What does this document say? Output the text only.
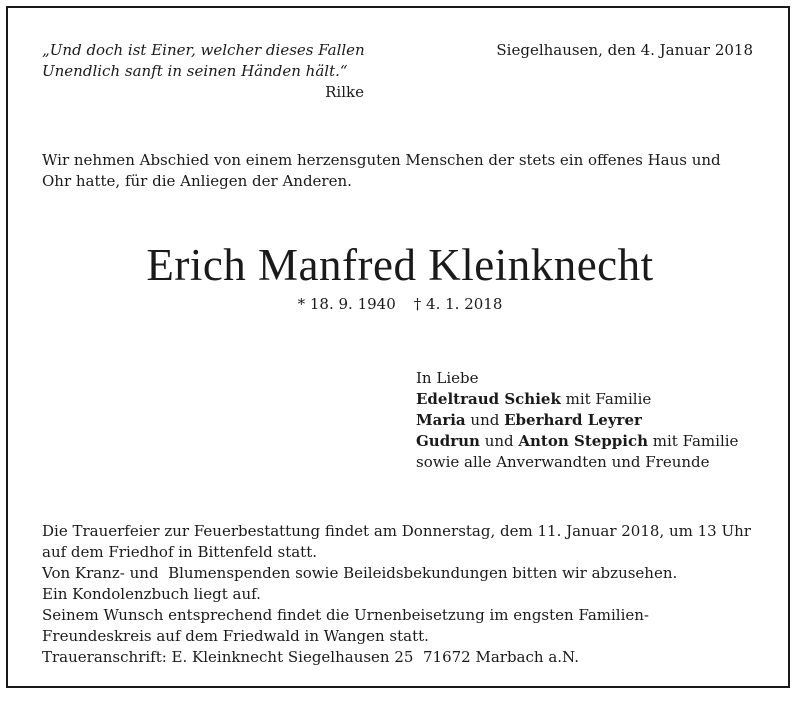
„Und doch ist Einer, welcher dieses Fallen
Unendlich sanft in seinen Händen hält.“
Rilke
Siegelhausen, den 4. Januar 2018
Wir nehmen Abschied von einem herzensguten Menschen der stets ein offenes Haus und
Ohr hatte, für die Anliegen der Anderen.
Erich Manfred Kleinknecht
* 18. 9. 1940 † 4. 1. 2018
In Liebe
Edeltraud Schiek mit Familie
Maria und Eberhard Leyrer
Gudrun und Anton Steppich mit Familie
sowie alle Anverwandten und Freunde
Die Trauerfeier zur Feuerbestattung findet am Donnerstag, dem 11. Januar 2018, um 13 Uhr
auf dem Friedhof in Bittenfeld statt.
Von Kranz- und  Blumenspenden sowie Beileidsbekundungen bitten wir abzusehen.
Ein Kondolenzbuch liegt auf.
Seinem Wunsch entsprechend findet die Urnenbeisetzung im engsten Familien-
Freundeskreis auf dem Friedwald in Wangen statt.
Traueranschrift: E. Kleinknecht Siegelhausen 25  71672 Marbach a.N.
